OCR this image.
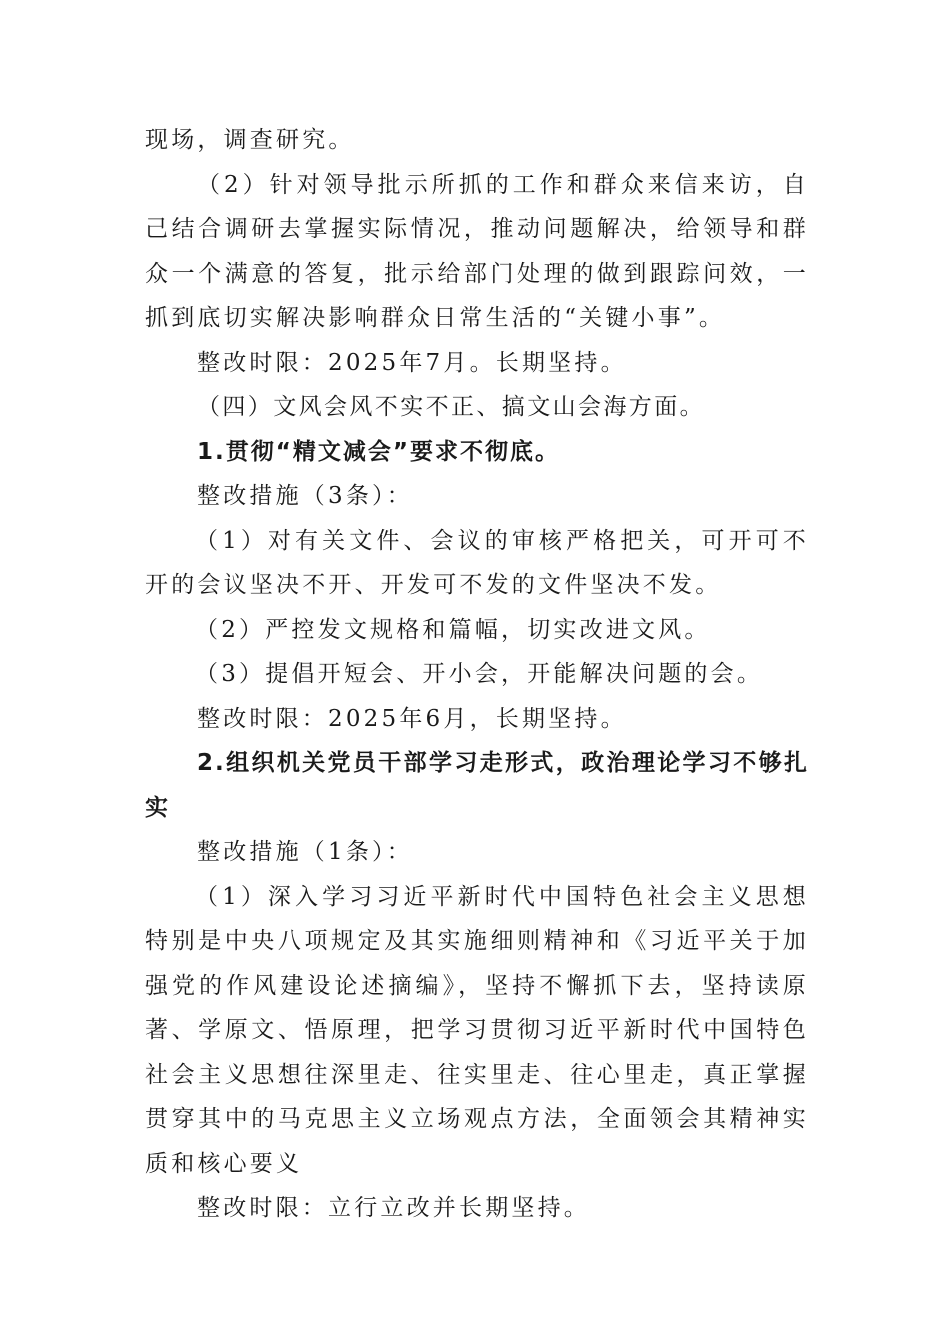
现场，调查研究。

（2）针对领导批示所抓的工作和群众来信来访，自己结合调研去掌握实际情况，推动问题解决，给领导和群众一个满意的答复，批示给部门处理的做到跟踪问效，一抓到底切实解决影响群众日常生活的“关键小事”。

整改时限：2025年7月。长期坚持。

（四）文风会风不实不正、搞文山会海方面。

1.贯彻“精文减会”要求不彻底。

整改措施（3条）：

（1）对有关文件、会议的审核严格把关，可开可不开的会议坚决不开、开发可不发的文件坚决不发。

（2）严控发文规格和篇幅，切实改进文风。

（3）提倡开短会、开小会，开能解决问题的会。

整改时限：2025年6月，长期坚持。

2.组织机关党员干部学习走形式，政治理论学习不够扎实

整改措施（1条）：

（1）深入学习习近平新时代中国特色社会主义思想特别是中央八项规定及其实施细则精神和《习近平关于加强党的作风建设论述摘编》，坚持不懈抓下去，坚持读原著、学原文、悟原理，把学习贯彻习近平新时代中国特色社会主义思想往深里走、往实里走、往心里走，真正掌握贯穿其中的马克思主义立场观点方法，全面领会其精神实质和核心要义

整改时限：立行立改并长期坚持。
